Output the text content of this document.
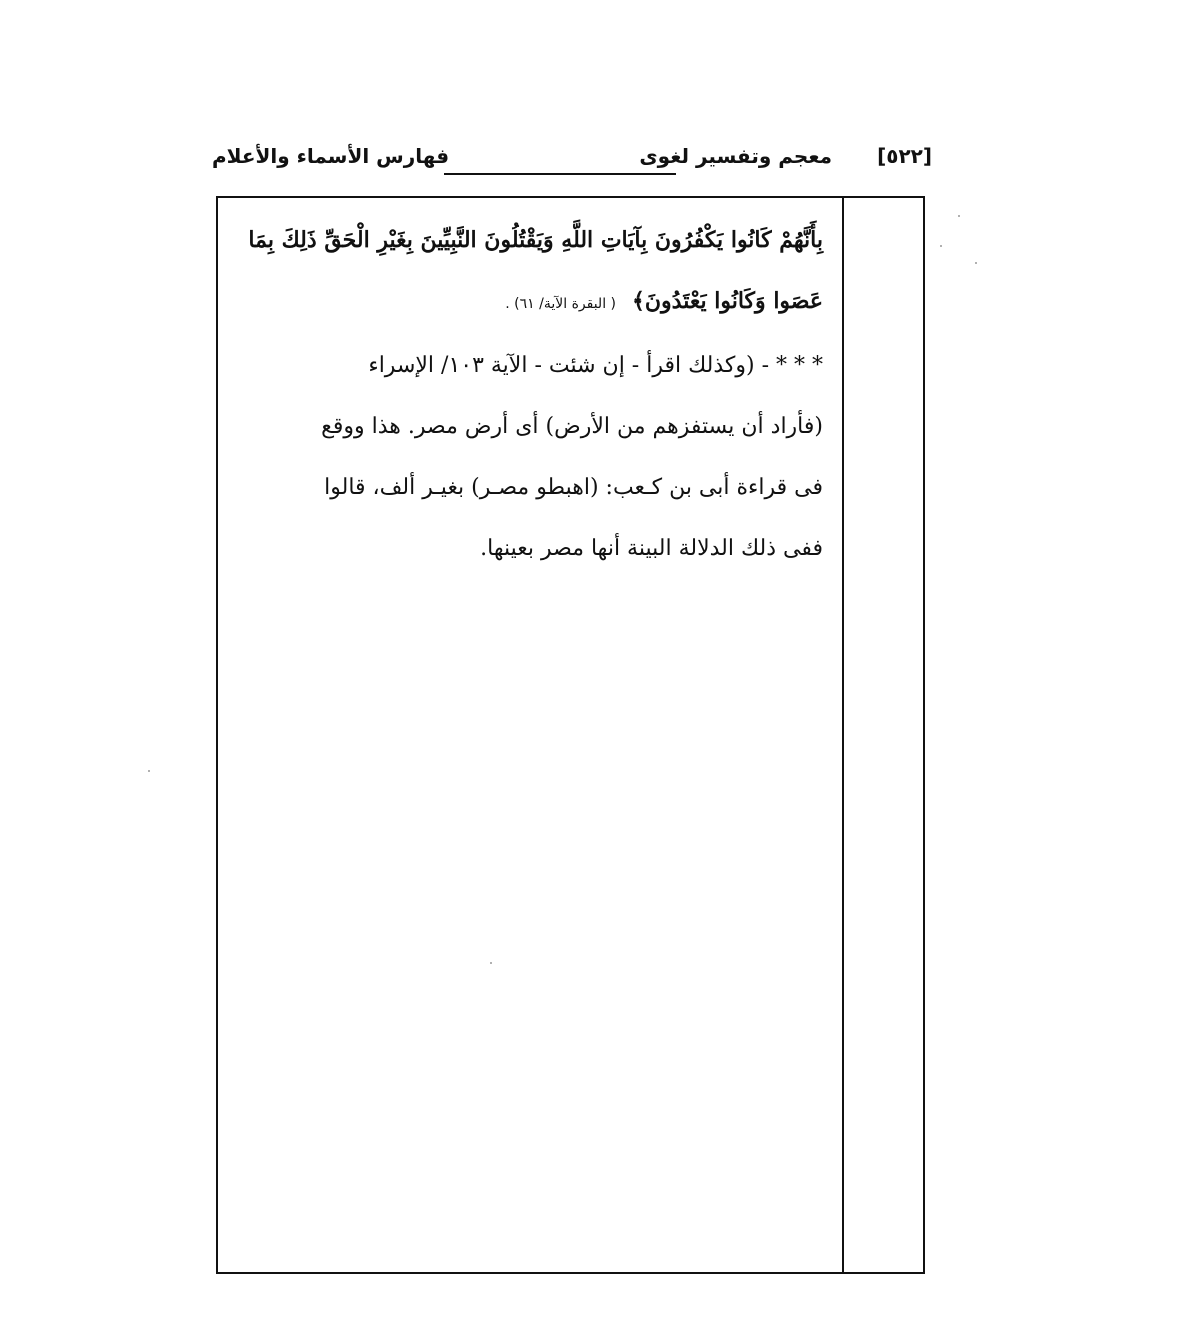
[٥٢٢]
معجم وتفسير لغوى
فهارس الأسماء والأعلام

بِأَنَّهُمْ كَانُوا يَكْفُرُونَ بِآيَاتِ اللَّهِ وَيَقْتُلُونَ النَّبِيِّينَ بِغَيْرِ الْحَقِّ ذَلِكَ بِمَا

عَصَوا وَكَانُوا يَعْتَدُونَ﴾( البقرة الآية/ ٦١) .

* * * - (وكذلك اقرأ - إن شئت - الآية ١٠٣/ الإسراء

(فأراد أن يستفزهم من الأرض) أى أرض مصر. هذا ووقع

فى قراءة أبى بن كـعب: (اهبطو مصـر) بغيـر ألف، قالوا

ففى ذلك الدلالة البينة أنها مصر بعينها.
